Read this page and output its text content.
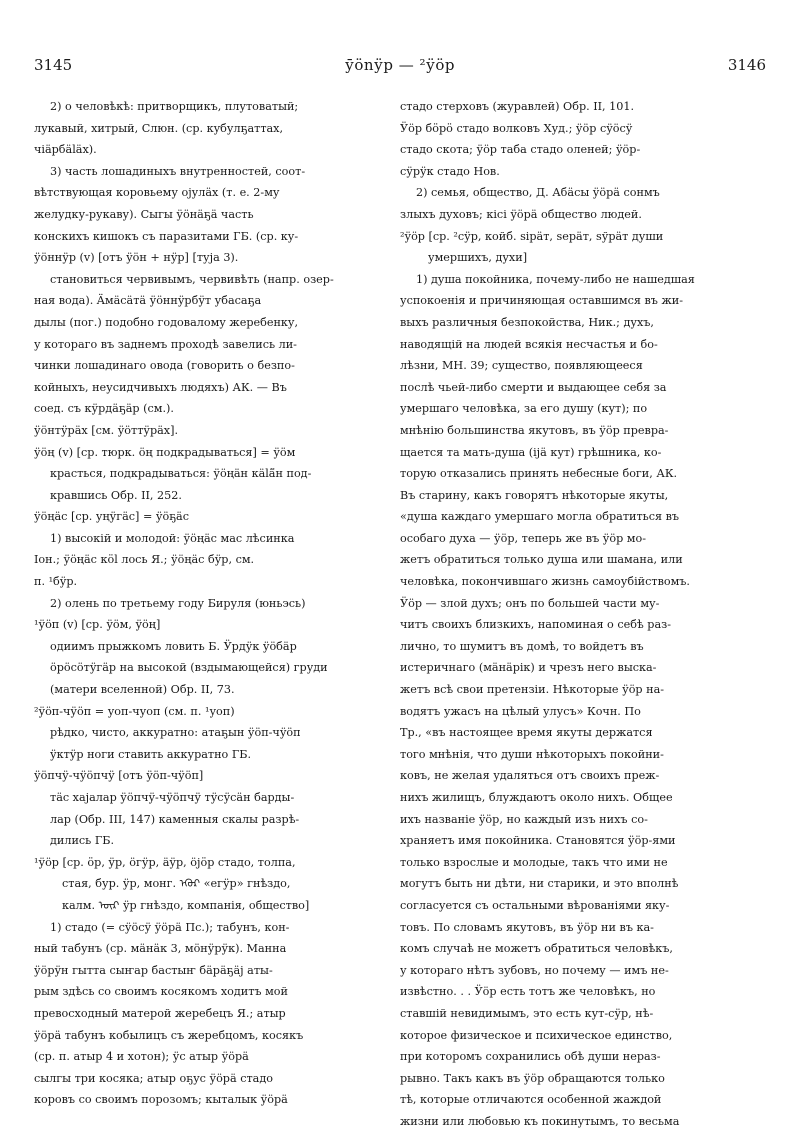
3145	ӯönӱр — ²ӱöр	3146
2) о человѣкѣ: притворщикъ, плутоватый;
лукавый, хитрый, Слюн. (ср. кубулҕаттах,
чіäрбäläх).
3) часть лошадиныхъ внутренностей, соот-
вѣтствующая коровьему ojулäх (т. е. 2-му
желудку-рукаву). Сыгы ӱöнäҕä часть
конскихъ кишокъ съ паразитами ГБ. (ср. ку-
ӱöннӱр (v) [отъ ӱöн + нӱр] [туjа 3).
становиться червивымъ, червивѣть (напр. озер-
ная вода). Äмäсäтä ӱöннӱрбӱт убасаҕа
дылы (пог.) подобно годовалому жеребенку,
у котораго въ заднемъ проходѣ завелись ли-
чинки лошадинаго овода (говорить о безпо-
койныхъ, неусидчивыхъ людяхъ) АК. — Въ
соед. съ кӱрдäҕäр (см.).
ӱöнтӱрäх [см. ӱöттӱрäх].
ӱöң (v) [ср. тюрк. öң подкрадываться] = ӱöм
красться, подкрадываться: ӱöңäн кälä̈н под-
кравшись Обр. II, 252.
ӱöңäс [ср. уңӱгäс] = ӱöҕäс
1) высокій и молодой: ӱöңäс мас лѣсинка
Іон.; ӱöңäс кӧl лось Я.; ӱöңäс бӱр, см.
п. ¹бӱр.
2) олень по третьему году Бируля (юньэсь)
¹ӱöп (v) [ср. ӱöм, ӱöң]
одиимъ прыжкомъ ловить Б. Ӱрдӱк ӱöбäр
öрöсöтӱгäр на высокой (вздымающейся) груди
(матери вселенной) Обр. II, 73.
²ӱöп-чӱöп = уоп-чуоп (см. п. ¹уоп)
рѣдко, чисто, аккуратно: атаҕын ӱöп-чӱöп
ӱктӱр ноги ставить аккуратно ГБ.
ӱöпчӱ-чӱöпчӱ [отъ ӱöп-чӱöп]
тäс хаjалар ӱöпчӱ-чӱöпчӱ тӱсӱсäн барды-
лар (Обр. III, 147) каменныя скалы разрѣ-
дились ГБ.
¹ӱöр [ср. ӧр, ӱр, öгӱр, äӱр, öjӧр стадо, толпа,
стая, бур. ӱр, монг. ᠡᠭᠦᠷ «егӱр» гнѣздо,
калм. ᠦᠷ ӱр гнѣздо, компанія, общество]
1) стадо (= сӱöсӱ ӱöрä Пс.); табунъ, кон-
ный табунъ (ср. мäнäк 3, мöнӱрӱк). Манна
ӱöрӱн гытта сыҥар бастыҥ бäрäҕäj аты-
рым здѣсь со своимъ косякомъ ходитъ мой
превосходный матерой жеребецъ Я.; атыр
ӱöрä табунъ кобылицъ съ жеребцомъ, косякъ
(ср. п. атыр 4 и хотон); ӱс атыр ӱöрä
сылгы три косяка; атыр оҕус ӱöрä стадо
коровъ со своимъ порозомъ; кыталык ӱöрä
стадо стерховъ (журавлей) Обр. II, 101.
Ӱöр бӧрӧ стадо волковъ Худ.; ӱöр сӱöсӱ
стадо скота; ӱöр таба стадо оленей; ӱöр-
сӱрӱк стадо Нов.
2) семья, общество, Д. Абäсы ӱöрä сонмъ
злыхъ духовъ; кісі ӱöрä общество людей.
²ӱöр [ср. ²сӱр, койб. sірäт, sерäт, sўрäт души
умершихъ, духи]
1) душа покойника, почему-либо не нашедшая
успокоенія и причиняющая оставшимся въ жи-
выхъ различныя безпокойства, Ник.; духъ,
наводящій на людей всякія несчастья и бо-
лѣзни, МН. 39; существо, появляющееся
послѣ чьей-либо смерти и выдающее себя за
умершаго человѣка, за его душу (кут); по
мнѣнію большинства якутовъ, въ ӱöр превра-
щается та мать-душа (іjä кут) грѣшника, ко-
торую отказались принять небесные боги, АК.
Въ старину, какъ говорятъ нѣкоторые якуты,
«душа каждаго умершаго могла обратиться въ
особаго духа — ӱöр, теперь же въ ӱöр мо-
жетъ обратиться только душа или шамана, или
человѣка, покончившаго жизнь самоубійствомъ.
Ӱöр — злой духъ; онъ по большей части му-
читъ своихъ близкихъ, напоминая о себѣ раз-
лично, то шумитъ въ домѣ, то войдетъ въ
истеричнаго (мäнäрік) и чрезъ него выска-
жетъ всѣ свои претензіи. Нѣкоторые ӱöр на-
водятъ ужасъ на цѣлый улусъ» Кочн. По
Тр., «въ настоящее время якуты держатся
того мнѣнія, что души нѣкоторыхъ покойни-
ковъ, не желая удаляться отъ своихъ преж-
нихъ жилищъ, блуждаютъ около нихъ. Общее
ихъ названіе ӱöр, но каждый изъ нихъ со-
храняетъ имя покойника. Становятся ӱöр-ями
только взрослые и молодые, такъ что ими не
могутъ быть ни дѣти, ни старики, и это вполнѣ
согласуется съ остальными вѣрованіями яку-
товъ. По словамъ якутовъ, въ ӱöр ни въ ка-
комъ случаѣ не можетъ обратиться человѣкъ,
у котораго нѣтъ зубовъ, но почему — имъ не-
извѣстно. . . Ӱöр есть тотъ же человѣкъ, но
ставшій невидимымъ, это есть кут-сӱр, нѣ-
которое физическое и психическое единство,
при которомъ сохранились обѣ души нераз-
рывно. Такъ какъ въ ӱöр обращаются только
тѣ, которые отличаются особенной жаждой
жизни или любовью къ покинутымъ, то весьма
